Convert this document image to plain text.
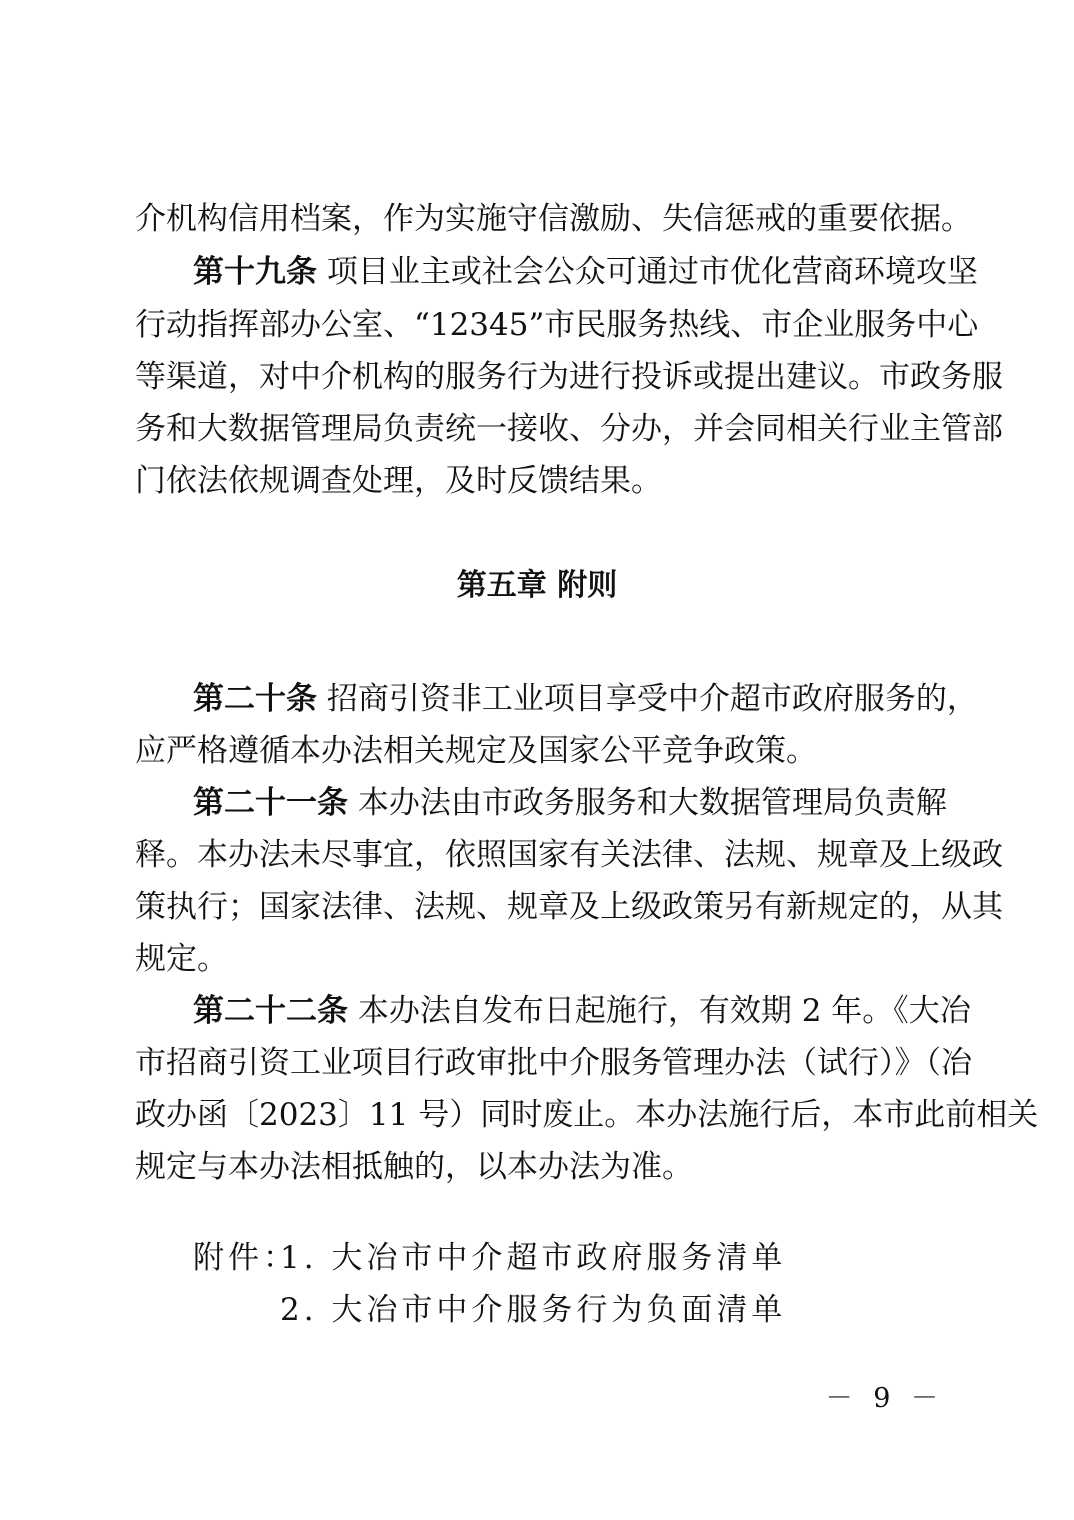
介机构信用档案，作为实施守信激励、失信惩戒的重要依据。
第十九条 项目业主或社会公众可通过市优化营商环境攻坚
行动指挥部办公室、“12345”市民服务热线、市企业服务中心
等渠道，对中介机构的服务行为进行投诉或提出建议。市政务服
务和大数据管理局负责统一接收、分办，并会同相关行业主管部
门依法依规调查处理，及时反馈结果。
第五章 附则
第二十条 招商引资非工业项目享受中介超市政府服务的，
应严格遵循本办法相关规定及国家公平竞争政策。
第二十一条 本办法由市政务服务和大数据管理局负责解
释。本办法未尽事宜，依照国家有关法律、法规、规章及上级政
策执行；国家法律、法规、规章及上级政策另有新规定的，从其
规定。
第二十二条 本办法自发布日起施行，有效期 2 年。《大冶
市招商引资工业项目行政审批中介服务管理办法（试行）》（冶
政办函〔2023〕11 号）同时废止。本办法施行后，本市此前相关
规定与本办法相抵触的，以本办法为准。
附件：
1. 大冶市中介超市政府服务清单
2. 大冶市中介服务行为负面清单
－ 9 －
